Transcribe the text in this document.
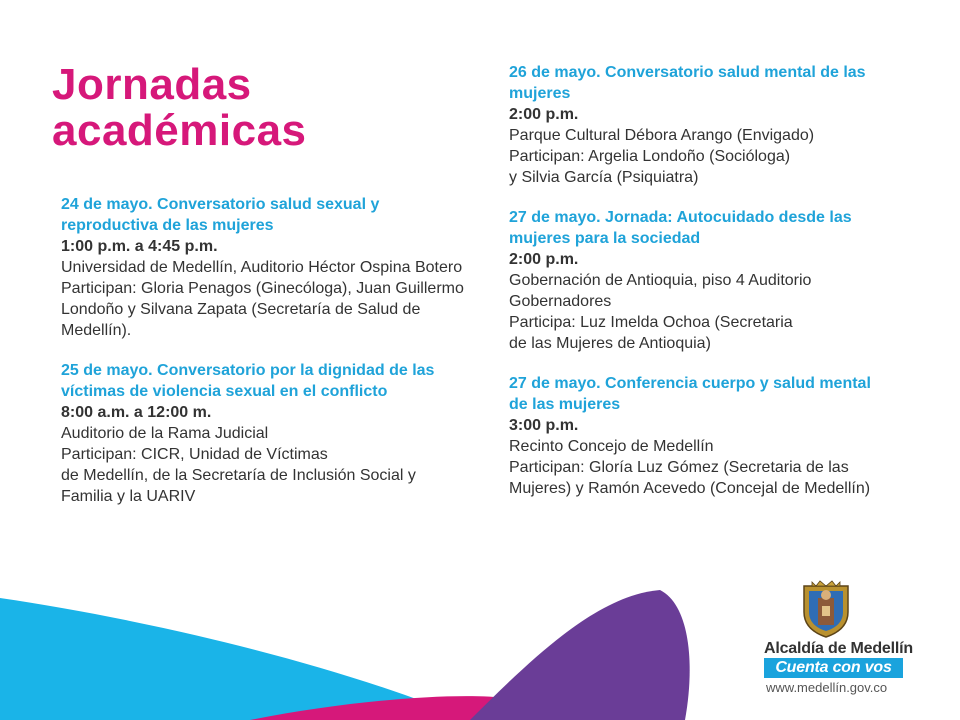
Jornadas
académicas
24 de mayo. Conversatorio salud sexual y reproductiva de las mujeres
1:00 p.m. a 4:45 p.m.
Universidad de Medellín, Auditorio Héctor Ospina Botero
Participan: Gloria Penagos (Ginecóloga), Juan Guillermo Londoño y Silvana Zapata (Secretaría de Salud de Medellín).
25 de mayo. Conversatorio por la dignidad de las víctimas de violencia sexual en el conflicto
8:00 a.m. a 12:00 m.
Auditorio de la Rama Judicial
Participan: CICR, Unidad de Víctimas
de Medellín, de la Secretaría de Inclusión Social y Familia y la UARIV
26 de mayo. Conversatorio salud mental de las mujeres
2:00 p.m.
Parque Cultural Débora Arango (Envigado)
Participan: Argelia Londoño (Socióloga)
y Silvia García (Psiquiatra)
27 de mayo. Jornada: Autocuidado desde las mujeres para la sociedad
2:00 p.m.
Gobernación de Antioquia, piso 4 Auditorio Gobernadores
Participa: Luz Imelda Ochoa (Secretaria
de las Mujeres de Antioquia)
27 de mayo. Conferencia cuerpo y salud mental de las mujeres
3:00 p.m.
Recinto Concejo de Medellín
Participan: Gloría Luz Gómez (Secretaria de las Mujeres) y Ramón Acevedo (Concejal de Medellín)
Alcaldía de Medellín
Cuenta con vos
www.medellín.gov.co
